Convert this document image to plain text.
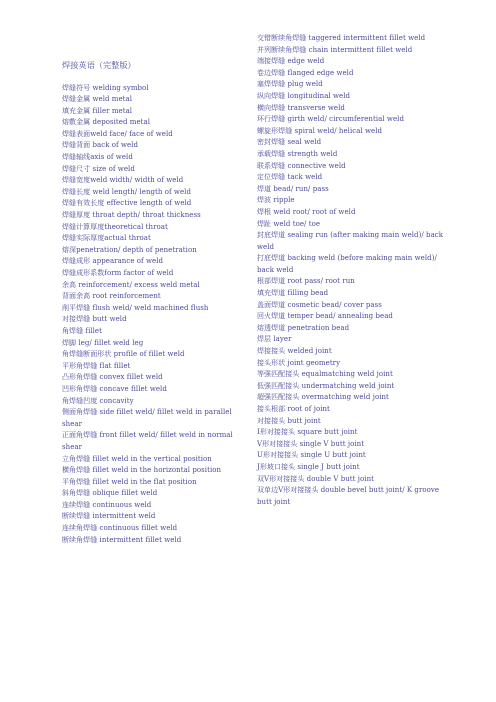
焊接英语（完整版）

焊缝符号 welding symbol

焊缝金属 weld metal

填充金属 filler metal

熔敷金属 deposited metal

焊缝表面weld face/ face of weld

焊缝背面 back of weld

焊缝轴线axis of weld

焊缝尺寸 size of weld

焊缝宽度weld width/ width of weld

焊缝长度 weld length/ length of weld

焊缝有效长度 effective length of weld

焊缝厚度 throat depth/ throat thickness

焊缝计算厚度theoretical throat

焊缝实际厚度actual throat

熔深penetration/ depth of penetration

焊缝成形 appearance of weld

焊缝成形系数form factor of weld

余高 reinforcement/ excess weld metal

背面余高 root reinforcement

削平焊缝 flush weld/ weld machined flush

对接焊缝 butt weld

角焊缝 fillet

焊脚 leg/ fillet weld leg

角焊缝断面形状 profile of fillet weld

平形角焊缝 flat fillet

凸形角焊缝 convex fillet weld

凹形角焊缝 concave fillet weld

角焊缝凹度 concavity

侧面角焊缝 side fillet weld/ fillet weld in parallel shear

正面角焊缝 front fillet weld/ fillet weld in normal shear

立角焊缝 fillet weld in the vertical position

横角焊缝 fillet weld in the horizontal position

平角焊缝 fillet weld in the flat position

斜角焊缝 oblique fillet weld

连续焊缝 continuous weld

断续焊缝 intermittent weld

连续角焊缝 continuous fillet weld

断续角焊缝 intermittent fillet weld

交错断续角焊缝 taggered intermittent fillet weld

并列断续角焊缝 chain intermittent fillet weld

端接焊缝 edge weld

卷边焊缝 flanged edge weld

塞焊焊缝 plug weld

纵向焊缝 longitudinal weld

横向焊缝 transverse weld

环行焊缝 girth weld/ circumferential weld

螺旋形焊缝 spiral weld/ helical weld

密封焊缝 seal weld

承载焊缝 strength weld

联系焊缝 connective weld

定位焊缝 tack weld

焊道 bead/ run/ pass

焊波 ripple

焊根 weld root/ root of weld

焊趾 weld toe/ toe

封底焊道 sealing run (after making main weld)/ back weld

打底焊道 backing weld (before making main weld)/ back weld

根部焊道 root pass/ root run

填充焊道 filling bead

盖面焊道 cosmetic bead/ cover pass

回火焊道 temper bead/ annealing bead

熔透焊道 penetration bead

焊层 layer

焊接接头 welded joint

接头形状 joint geometry

等强匹配接头 equalmatching weld joint

低强匹配接头 undermatching weld joint

超强匹配接头 overmatching weld joint

接头根部 root of joint

对接接头 butt joint

I形对接接头 square butt joint

V形对接接头 single V butt joint

U形对接接头 single U butt joint

J形坡口接头 single J butt joint

双V形对接接头 double V butt joint

双单边V形对接接头 double bevel butt joint/ K groove butt joint
